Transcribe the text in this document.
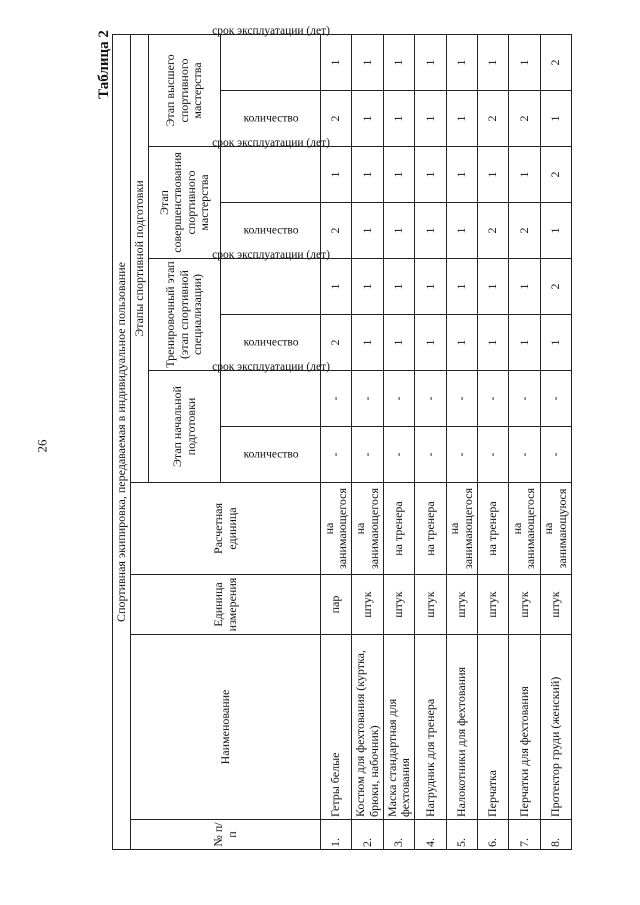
26
Таблица 2
Спортивная экипировка, передаваемая в индивидуальное пользование											
№ п/п	Наименование	Единица измерения	Расчетная единица	Этапы спортивной подготовки							
				Этап начальной подготовки		Тренировочный этап (этап спортивной специализации)		Этап совершенствования спортивного мастерства		Этап высшего спортивного мастерства	
				количество	срок эксплуатации (лет)	количество	срок эксплуатации (лет)	количество	срок эксплуатации (лет)	количество	срок эксплуатации (лет)
1.	Гетры белые	пар	на занимающегося	-	-	2	1	2	1	2	1
2.	Костюм для фехтования (куртка, брюки, набочник)	штук	на занимающегося	-	-	1	1	1	1	1	1
3.	Маска стандартная для фехтования	штук	на тренера	-	-	1	1	1	1	1	1
4.	Нагрудник для тренера	штук	на тренера	-	-	1	1	1	1	1	1
5.	Налокотники для фехтования	штук	на занимающегося	-	-	1	1	1	1	1	1
6.	Перчатка	штук	на тренера	-	-	1	1	2	1	2	1
7.	Перчатки для фехтования	штук	на занимающегося	-	-	1	1	2	1	2	1
8.	Протектор груди (женский)	штук	на занимающуюся	-	-	1	2	1	2	1	2
